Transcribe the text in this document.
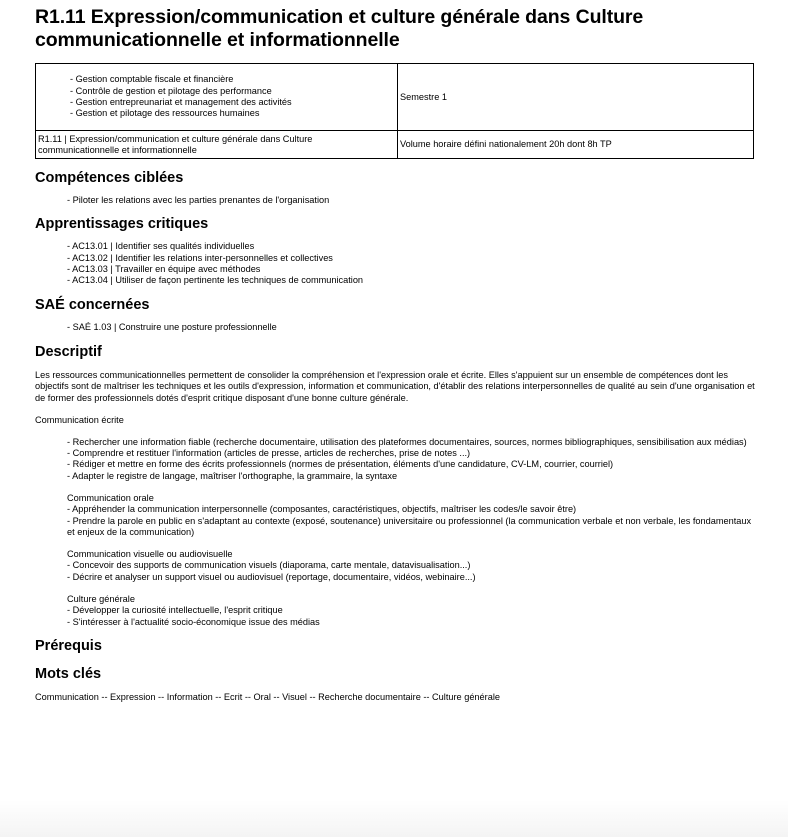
R1.11 Expression/communication et culture générale dans Culture communicationnelle et informationnelle
- Gestion comptable fiscale et financière
- Contrôle de gestion et pilotage des performance
- Gestion entrepreunariat et management des activités
- Gestion et pilotage des ressources humaines	Semestre 1
R1.11 | Expression/communication et culture générale dans Culture communicationnelle et informationnelle	Volume horaire défini nationalement 20h dont 8h TP
Compétences ciblées
- Piloter les relations avec les parties prenantes de l'organisation
Apprentissages critiques
- AC13.01 | Identifier ses qualités individuelles
- AC13.02 | Identifier les relations inter-personnelles et collectives
- AC13.03 | Travailler en équipe avec méthodes
- AC13.04 | Utiliser de façon pertinente les techniques de communication
SAÉ concernées
- SAÉ 1.03 | Construire une posture professionnelle
Descriptif
Les ressources communicationnelles permettent de consolider la compréhension et l'expression orale et écrite. Elles s'appuient sur un ensemble de compétences dont les objectifs sont de maîtriser les techniques et les outils d'expression, information et communication, d'établir des relations interpersonnelles de qualité au sein d'une organisation et de former des professionnels dotés d'esprit critique disposant d'une bonne culture générale.
Communication écrite
- Rechercher une information fiable (recherche documentaire, utilisation des plateformes documentaires, sources, normes bibliographiques, sensibilisation aux médias)
- Comprendre et restituer l'information (articles de presse, articles de recherches, prise de notes ...)
- Rédiger et mettre en forme des écrits professionnels (normes de présentation, éléments d'une candidature, CV-LM, courrier, courriel)
- Adapter le registre de langage, maîtriser l'orthographe, la grammaire, la syntaxe
Communication orale
- Appréhender la communication interpersonnelle (composantes, caractéristiques, objectifs, maîtriser les codes/le savoir être)
- Prendre la parole en public en s'adaptant au contexte (exposé, soutenance) universitaire ou professionnel (la communication verbale et non verbale, les fondamentaux et enjeux de la communication)
Communication visuelle ou audiovisuelle
- Concevoir des supports de communication visuels (diaporama, carte mentale, datavisualisation...)
- Décrire et analyser un support visuel ou audiovisuel (reportage, documentaire, vidéos, webinaire...)
Culture générale
- Développer la curiosité intellectuelle, l'esprit critique
- S'intéresser à l'actualité socio-économique issue des médias
Prérequis
Mots clés
Communication -- Expression -- Information -- Ecrit -- Oral -- Visuel -- Recherche documentaire -- Culture générale
